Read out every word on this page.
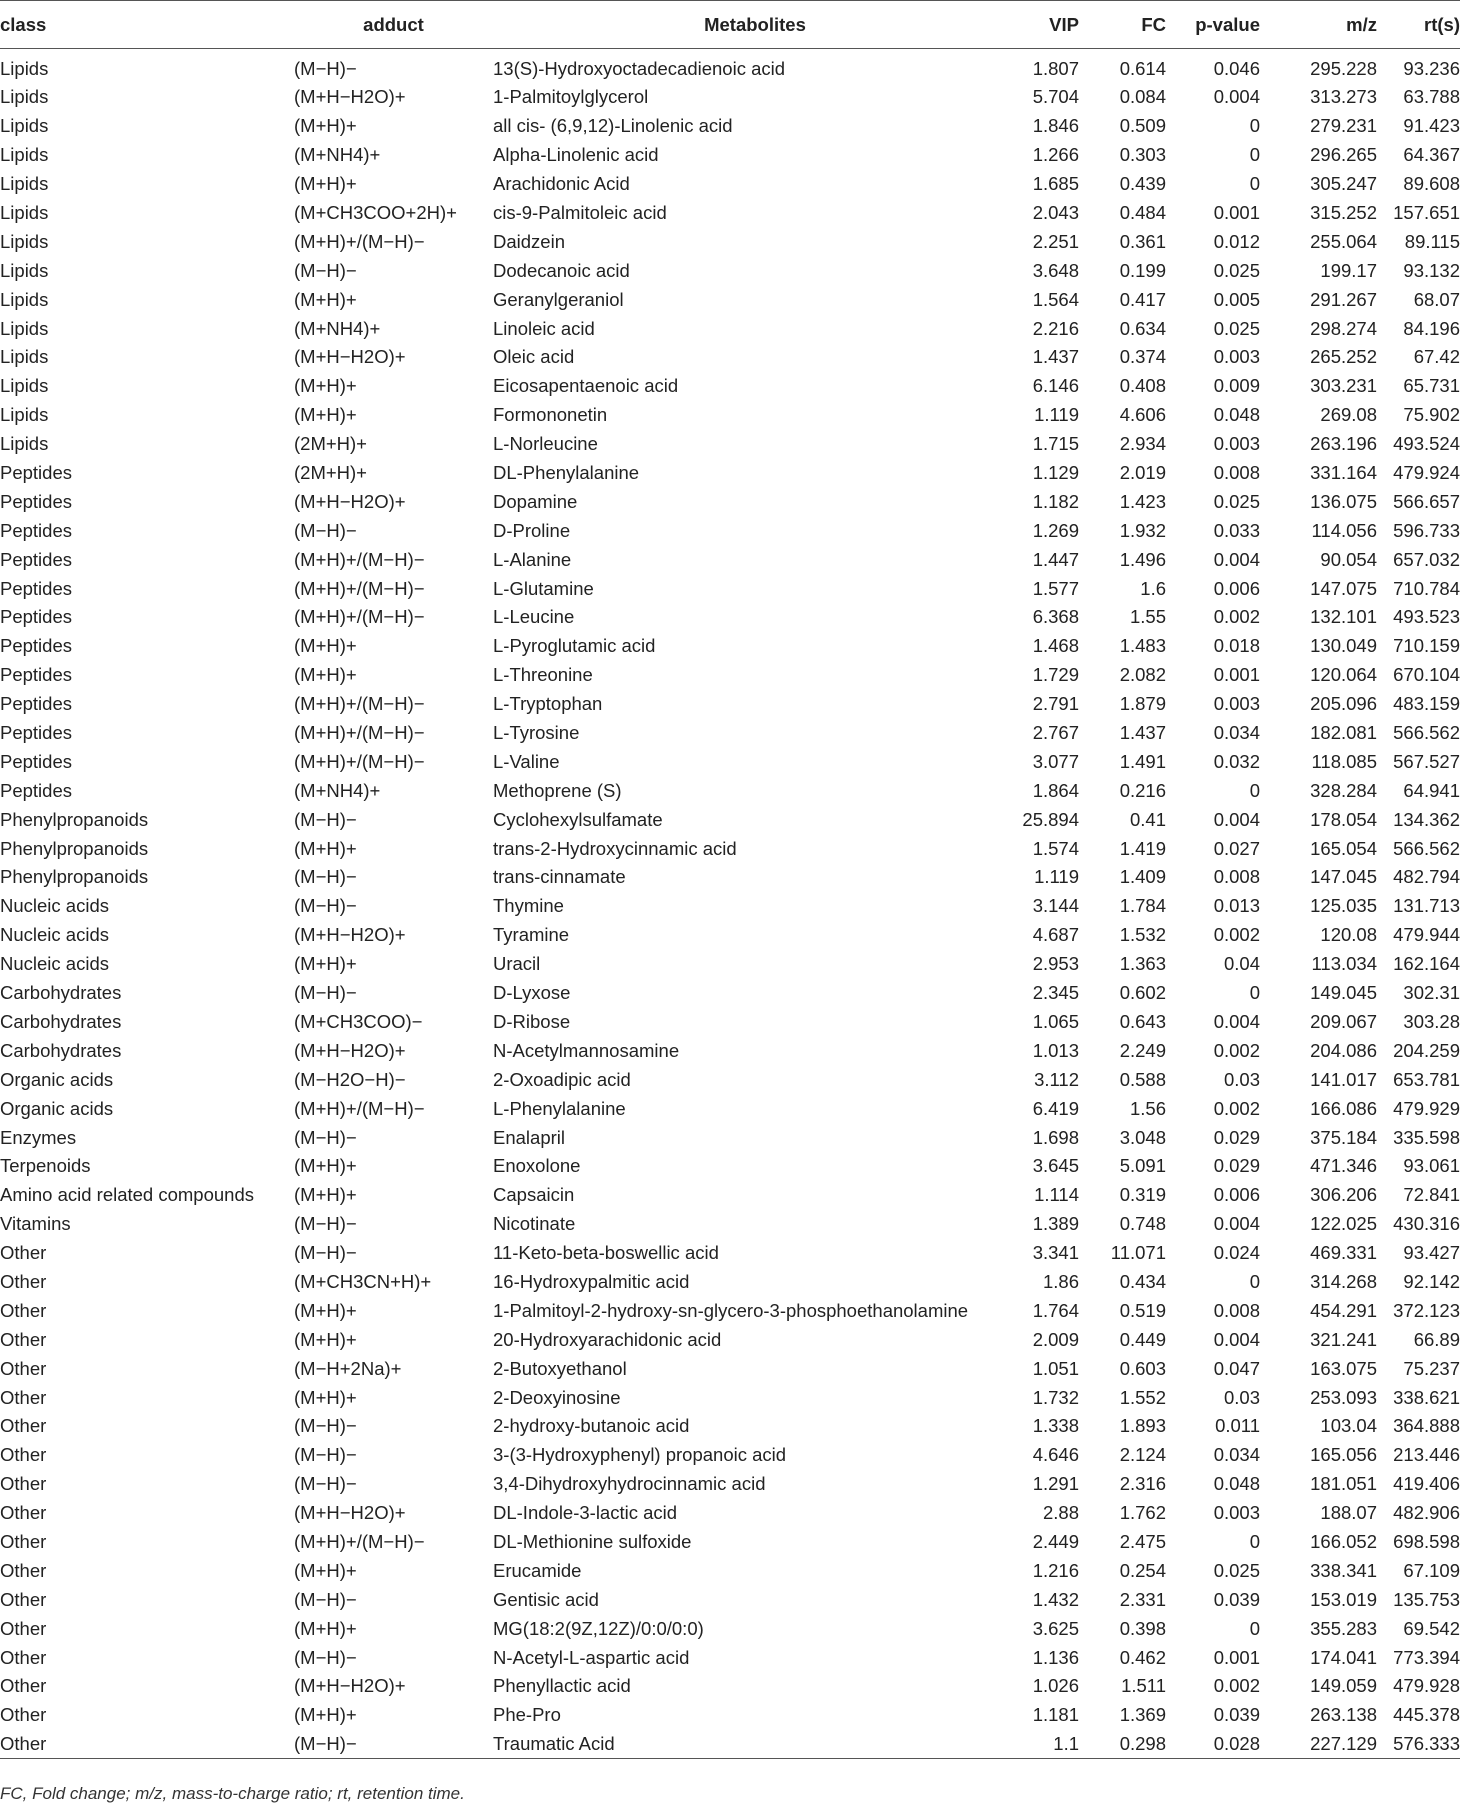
class	adduct	Metabolites	VIP	FC	p-value	m/z	rt(s)
Lipids	(M−H)−	13(S)-Hydroxyoctadecadienoic acid	1.807	0.614	0.046	295.228	93.236
Lipids	(M+H−H2O)+	1-Palmitoylglycerol	5.704	0.084	0.004	313.273	63.788
Lipids	(M+H)+	all cis- (6,9,12)-Linolenic acid	1.846	0.509	0	279.231	91.423
Lipids	(M+NH4)+	Alpha-Linolenic acid	1.266	0.303	0	296.265	64.367
Lipids	(M+H)+	Arachidonic Acid	1.685	0.439	0	305.247	89.608
Lipids	(M+CH3COO+2H)+	cis-9-Palmitoleic acid	2.043	0.484	0.001	315.252	157.651
Lipids	(M+H)+/(M−H)−	Daidzein	2.251	0.361	0.012	255.064	89.115
Lipids	(M−H)−	Dodecanoic acid	3.648	0.199	0.025	199.17	93.132
Lipids	(M+H)+	Geranylgeraniol	1.564	0.417	0.005	291.267	68.07
Lipids	(M+NH4)+	Linoleic acid	2.216	0.634	0.025	298.274	84.196
Lipids	(M+H−H2O)+	Oleic acid	1.437	0.374	0.003	265.252	67.42
Lipids	(M+H)+	Eicosapentaenoic acid	6.146	0.408	0.009	303.231	65.731
Lipids	(M+H)+	Formononetin	1.119	4.606	0.048	269.08	75.902
Lipids	(2M+H)+	L-Norleucine	1.715	2.934	0.003	263.196	493.524
Peptides	(2M+H)+	DL-Phenylalanine	1.129	2.019	0.008	331.164	479.924
Peptides	(M+H−H2O)+	Dopamine	1.182	1.423	0.025	136.075	566.657
Peptides	(M−H)−	D-Proline	1.269	1.932	0.033	114.056	596.733
Peptides	(M+H)+/(M−H)−	L-Alanine	1.447	1.496	0.004	90.054	657.032
Peptides	(M+H)+/(M−H)−	L-Glutamine	1.577	1.6	0.006	147.075	710.784
Peptides	(M+H)+/(M−H)−	L-Leucine	6.368	1.55	0.002	132.101	493.523
Peptides	(M+H)+	L-Pyroglutamic acid	1.468	1.483	0.018	130.049	710.159
Peptides	(M+H)+	L-Threonine	1.729	2.082	0.001	120.064	670.104
Peptides	(M+H)+/(M−H)−	L-Tryptophan	2.791	1.879	0.003	205.096	483.159
Peptides	(M+H)+/(M−H)−	L-Tyrosine	2.767	1.437	0.034	182.081	566.562
Peptides	(M+H)+/(M−H)−	L-Valine	3.077	1.491	0.032	118.085	567.527
Peptides	(M+NH4)+	Methoprene (S)	1.864	0.216	0	328.284	64.941
Phenylpropanoids	(M−H)−	Cyclohexylsulfamate	25.894	0.41	0.004	178.054	134.362
Phenylpropanoids	(M+H)+	trans-2-Hydroxycinnamic acid	1.574	1.419	0.027	165.054	566.562
Phenylpropanoids	(M−H)−	trans-cinnamate	1.119	1.409	0.008	147.045	482.794
Nucleic acids	(M−H)−	Thymine	3.144	1.784	0.013	125.035	131.713
Nucleic acids	(M+H−H2O)+	Tyramine	4.687	1.532	0.002	120.08	479.944
Nucleic acids	(M+H)+	Uracil	2.953	1.363	0.04	113.034	162.164
Carbohydrates	(M−H)−	D-Lyxose	2.345	0.602	0	149.045	302.31
Carbohydrates	(M+CH3COO)−	D-Ribose	1.065	0.643	0.004	209.067	303.28
Carbohydrates	(M+H−H2O)+	N-Acetylmannosamine	1.013	2.249	0.002	204.086	204.259
Organic acids	(M−H2O−H)−	2-Oxoadipic acid	3.112	0.588	0.03	141.017	653.781
Organic acids	(M+H)+/(M−H)−	L-Phenylalanine	6.419	1.56	0.002	166.086	479.929
Enzymes	(M−H)−	Enalapril	1.698	3.048	0.029	375.184	335.598
Terpenoids	(M+H)+	Enoxolone	3.645	5.091	0.029	471.346	93.061
Amino acid related compounds	(M+H)+	Capsaicin	1.114	0.319	0.006	306.206	72.841
Vitamins	(M−H)−	Nicotinate	1.389	0.748	0.004	122.025	430.316
Other	(M−H)−	11-Keto-beta-boswellic acid	3.341	11.071	0.024	469.331	93.427
Other	(M+CH3CN+H)+	16-Hydroxypalmitic acid	1.86	0.434	0	314.268	92.142
Other	(M+H)+	1-Palmitoyl-2-hydroxy-sn-glycero-3-phosphoethanolamine	1.764	0.519	0.008	454.291	372.123
Other	(M+H)+	20-Hydroxyarachidonic acid	2.009	0.449	0.004	321.241	66.89
Other	(M−H+2Na)+	2-Butoxyethanol	1.051	0.603	0.047	163.075	75.237
Other	(M+H)+	2-Deoxyinosine	1.732	1.552	0.03	253.093	338.621
Other	(M−H)−	2-hydroxy-butanoic acid	1.338	1.893	0.011	103.04	364.888
Other	(M−H)−	3-(3-Hydroxyphenyl) propanoic acid	4.646	2.124	0.034	165.056	213.446
Other	(M−H)−	3,4-Dihydroxyhydrocinnamic acid	1.291	2.316	0.048	181.051	419.406
Other	(M+H−H2O)+	DL-Indole-3-lactic acid	2.88	1.762	0.003	188.07	482.906
Other	(M+H)+/(M−H)−	DL-Methionine sulfoxide	2.449	2.475	0	166.052	698.598
Other	(M+H)+	Erucamide	1.216	0.254	0.025	338.341	67.109
Other	(M−H)−	Gentisic acid	1.432	2.331	0.039	153.019	135.753
Other	(M+H)+	MG(18:2(9Z,12Z)/0:0/0:0)	3.625	0.398	0	355.283	69.542
Other	(M−H)−	N-Acetyl-L-aspartic acid	1.136	0.462	0.001	174.041	773.394
Other	(M+H−H2O)+	Phenyllactic acid	1.026	1.511	0.002	149.059	479.928
Other	(M+H)+	Phe-Pro	1.181	1.369	0.039	263.138	445.378
Other	(M−H)−	Traumatic Acid	1.1	0.298	0.028	227.129	576.333
FC, Fold change; m/z, mass-to-charge ratio; rt, retention time.
